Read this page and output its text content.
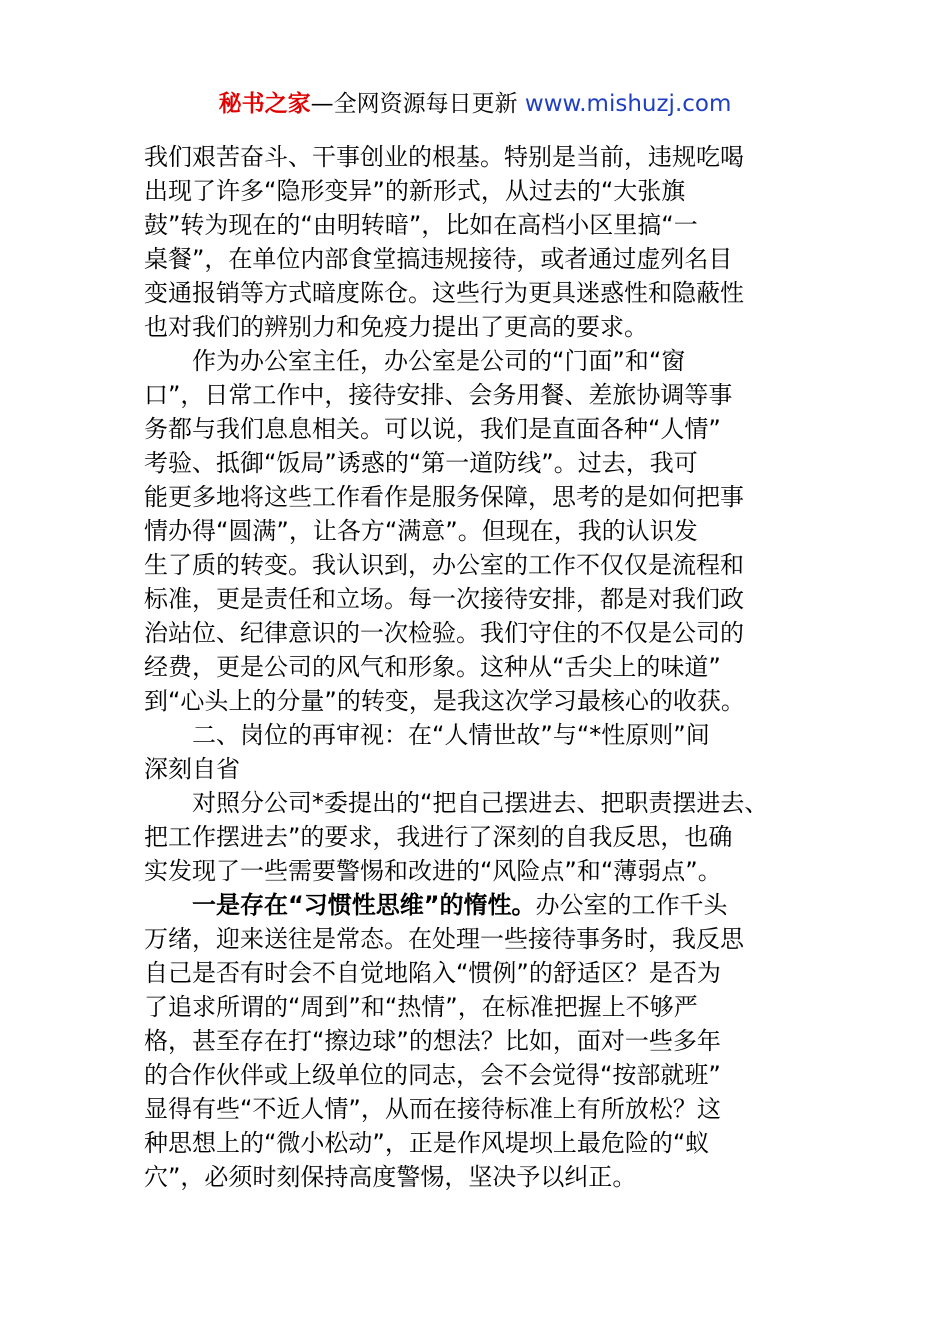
秘书之家—全网资源每日更新 www.mishuzj.com
我们艰苦奋斗、干事创业的根基。特别是当前，违规吃喝
出现了许多“隐形变异”的新形式，从过去的“大张旗
鼓”转为现在的“由明转暗”，比如在高档小区里搞“一
桌餐”，在单位内部食堂搞违规接待，或者通过虚列名目
变通报销等方式暗度陈仓。这些行为更具迷惑性和隐蔽性
也对我们的辨别力和免疫力提出了更高的要求。
作为办公室主任，办公室是公司的“门面”和“窗
口”，日常工作中，接待安排、会务用餐、差旅协调等事
务都与我们息息相关。可以说，我们是直面各种“人情”
考验、抵御“饭局”诱惑的“第一道防线”。过去，我可
能更多地将这些工作看作是服务保障，思考的是如何把事
情办得“圆满”，让各方“满意”。但现在，我的认识发
生了质的转变。我认识到，办公室的工作不仅仅是流程和
标准，更是责任和立场。每一次接待安排，都是对我们政
治站位、纪律意识的一次检验。我们守住的不仅是公司的
经费，更是公司的风气和形象。这种从“舌尖上的味道”
到“心头上的分量”的转变，是我这次学习最核心的收获。
二、岗位的再审视：在“人情世故”与“*性原则”间
深刻自省
对照分公司*委提出的“把自己摆进去、把职责摆进去、
把工作摆进去”的要求，我进行了深刻的自我反思，也确
实发现了一些需要警惕和改进的“风险点”和“薄弱点”。
一是存在“习惯性思维”的惰性。办公室的工作千头
万绪，迎来送往是常态。在处理一些接待事务时，我反思
自己是否有时会不自觉地陷入“惯例”的舒适区？是否为
了追求所谓的“周到”和“热情”，在标准把握上不够严
格，甚至存在打“擦边球”的想法？比如，面对一些多年
的合作伙伴或上级单位的同志，会不会觉得“按部就班”
显得有些“不近人情”，从而在接待标准上有所放松？这
种思想上的“微小松动”，正是作风堤坝上最危险的“蚁
穴”，必须时刻保持高度警惕，坚决予以纠正。
